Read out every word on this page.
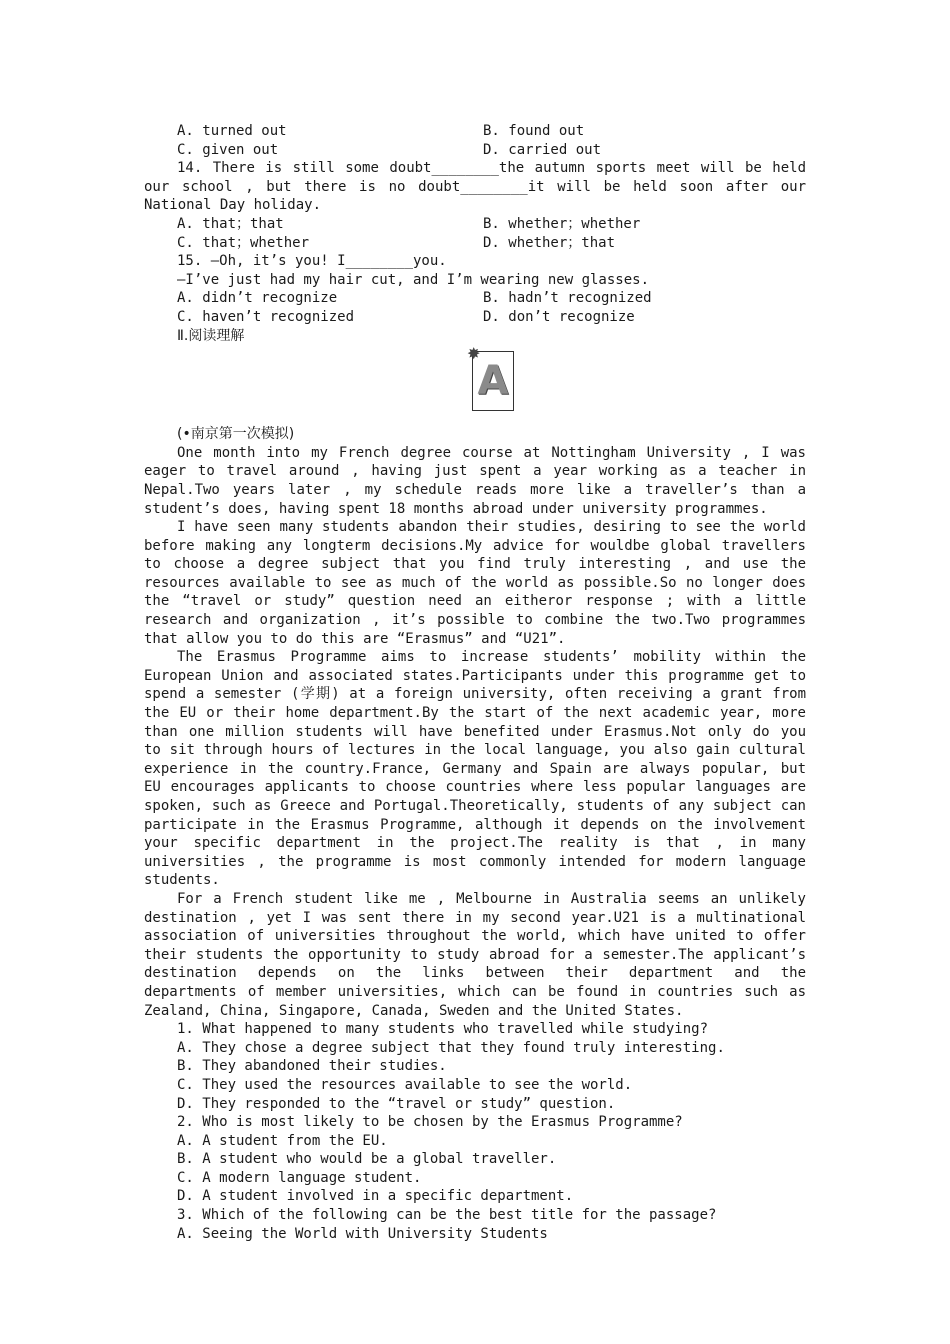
A. turned out	B. found out
C. given out	D. carried out
14. There is still some doubt________the autumn sports meet will be held
our school , but there is no doubt________it will be held soon after our
National Day holiday.
A. that；that	B. whether；whether
C. that；whether	D. whether；that
15. —Oh, it’s you! I________you.
—I’ve just had my hair cut, and I’m wearing new glasses.
A. didn’t recognize	B. hadn’t recognized
C. haven’t recognized	D. don’t recognize
Ⅱ.阅读理解
✸
A
(•南京第一次模拟)
One month into my French degree course at Nottingham University , I was
eager to travel around , having just spent a year working as a teacher in
Nepal.Two years later , my schedule reads more like a traveller’s than a
student’s does, having spent 18 months abroad under university programmes.
I have seen many students abandon their studies, desiring to see the world
before making any longterm decisions.My advice for wouldbe global travellers
to choose a degree subject that you find truly interesting , and use the
resources available to see as much of the world as possible.So no longer does
the “travel or study” question need an eitheror response ; with a little
research and organization , it’s possible to combine the two.Two programmes
that allow you to do this are “Erasmus” and “U21”.
The Erasmus Programme aims to increase students’ mobility within the
European Union and associated states.Participants under this programme get to
spend a semester (学期) at a foreign university, often receiving a grant from
the EU or their home department.By the start of the next academic year, more
than one million students will have benefited under Erasmus.Not only do you
to sit through hours of lectures in the local language, you also gain cultural
experience in the country.France, Germany and Spain are always popular, but
EU encourages applicants to choose countries where less popular languages are
spoken, such as Greece and Portugal.Theoretically, students of any subject can
participate in the Erasmus Programme, although it depends on the involvement
your specific department in the project.The reality is that , in many
universities , the programme is most commonly intended for modern language
students.
For a French student like me , Melbourne in Australia seems an unlikely
destination , yet I was sent there in my second year.U21 is a multinational
association of universities throughout the world, which have united to offer
their students the opportunity to study abroad for a semester.The applicant’s
destination depends on the links between their department and the
departments of member universities, which can be found in countries such as
Zealand, China, Singapore, Canada, Sweden and the United States.
1. What happened to many students who travelled while studying?
A. They chose a degree subject that they found truly interesting.
B. They abandoned their studies.
C. They used the resources available to see the world.
D. They responded to the “travel or study” question.
2. Who is most likely to be chosen by the Erasmus Programme?
A. A student from the EU.
B. A student who would be a global traveller.
C. A modern language student.
D. A student involved in a specific department.
3. Which of the following can be the best title for the passage?
A. Seeing the World with University Students
